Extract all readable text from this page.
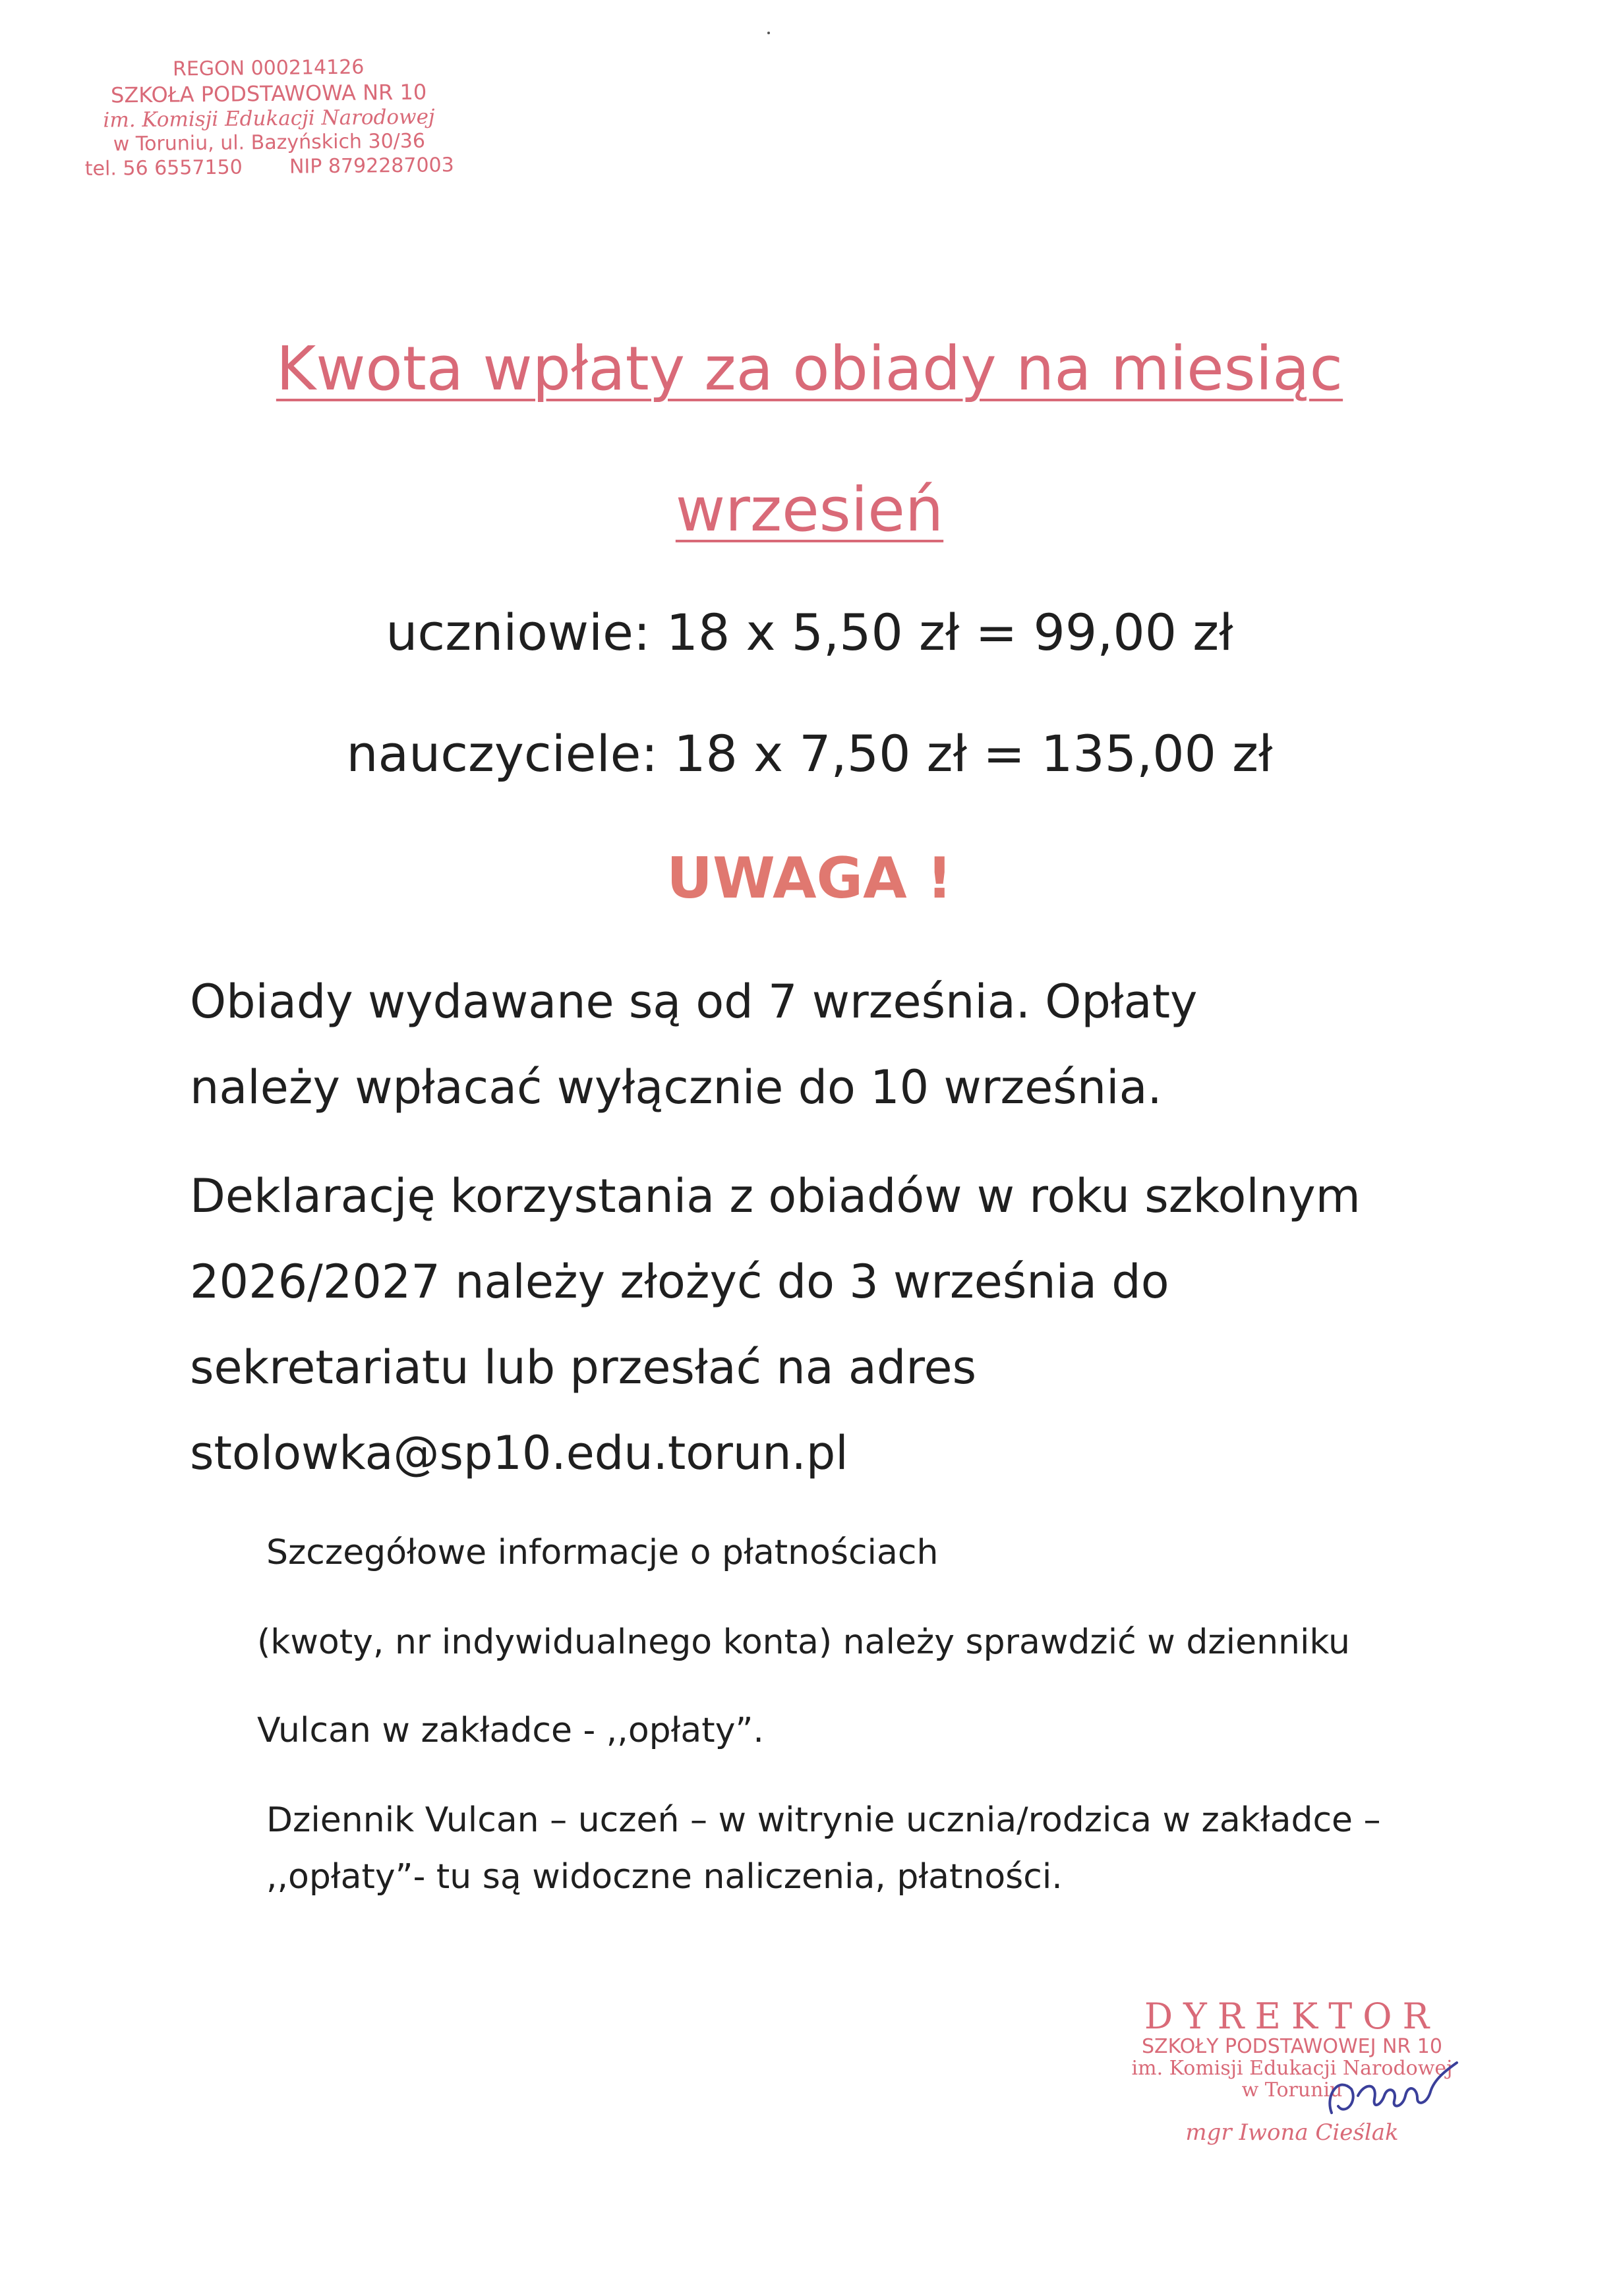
REGON 000214126
SZKOŁA PODSTAWOWA NR 10
im. Komisji Edukacji Narodowej
w Toruniu, ul. Bazyńskich 30/36
tel. 56 6557150 NIP 8792287003
Kwota wpłaty za obiady na miesiąc
wrzesień
uczniowie: 18 x 5,50 zł = 99,00 zł
nauczyciele: 18 x 7,50 zł = 135,00 zł
UWAGA !
Obiady wydawane są od 7 września. Opłaty
należy wpłacać wyłącznie do 10 września.
Deklarację korzystania z obiadów w roku szkolnym
2026/2027 należy złożyć do 3 września do
sekretariatu lub przesłać na adres
stolowka@sp10.edu.torun.pl
Szczegółowe informacje o płatnościach
(kwoty, nr indywidualnego konta) należy sprawdzić w dzienniku
Vulcan w zakładce - ,,opłaty”.
Dziennik Vulcan – uczeń – w witrynie ucznia/rodzica w zakładce –
,,opłaty”- tu są widoczne naliczenia, płatności.
DYREKTOR
SZKOŁY PODSTAWOWEJ NR 10
im. Komisji Edukacji Narodowej
w Toruniu
mgr Iwona Cieślak
